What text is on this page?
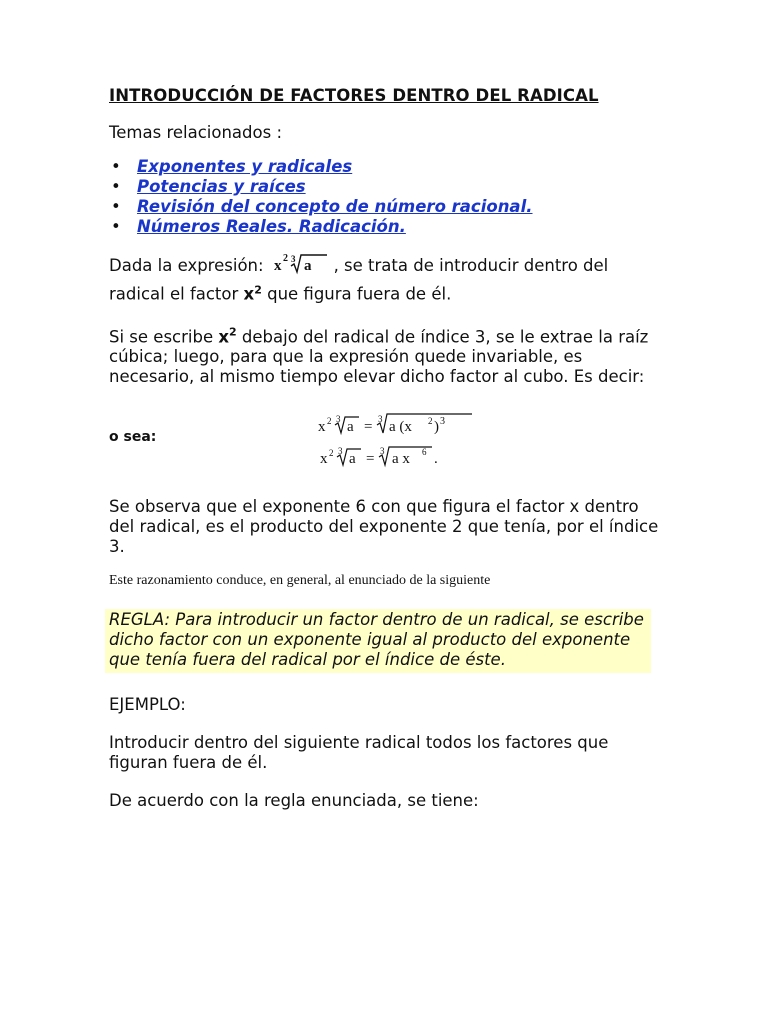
INTRODUCCIÓN DE FACTORES DENTRO DEL RADICAL
Temas relacionados :
• Exponentes y radicales
• Potencias y raíces
• Revisión del concepto de número racional.
• Números Reales. Radicación.
Dada la expresión: x 2 3 a , se trata de introducir dentro del radical el factor $x^2$ que figura fuera de él.
Si se escribe $x^2$ debajo del radical de índice 3, se le extrae la raíz cúbica; luego, para que la expresión quede invariable, es necesario, al mismo tiempo elevar dicho factor al cubo. Es decir:
o sea:
x 2 3 a = 3 a (x 2 ) 3
x 2 3 a = 3 a x 6 .
Se observa que el exponente 6 con que figura el factor x dentro del radical, es el producto del exponente 2 que tenía, por el índice 3.
Este razonamiento conduce, en general, al enunciado de la siguiente
REGLA: Para introducir un factor dentro de un radical, se escribe dicho factor con un exponente igual al producto del exponente que tenía fuera del radical por el índice de éste.
EJEMPLO:
Introducir dentro del siguiente radical todos los factores que figuran fuera de él.
De acuerdo con la regla enunciada, se tiene:
